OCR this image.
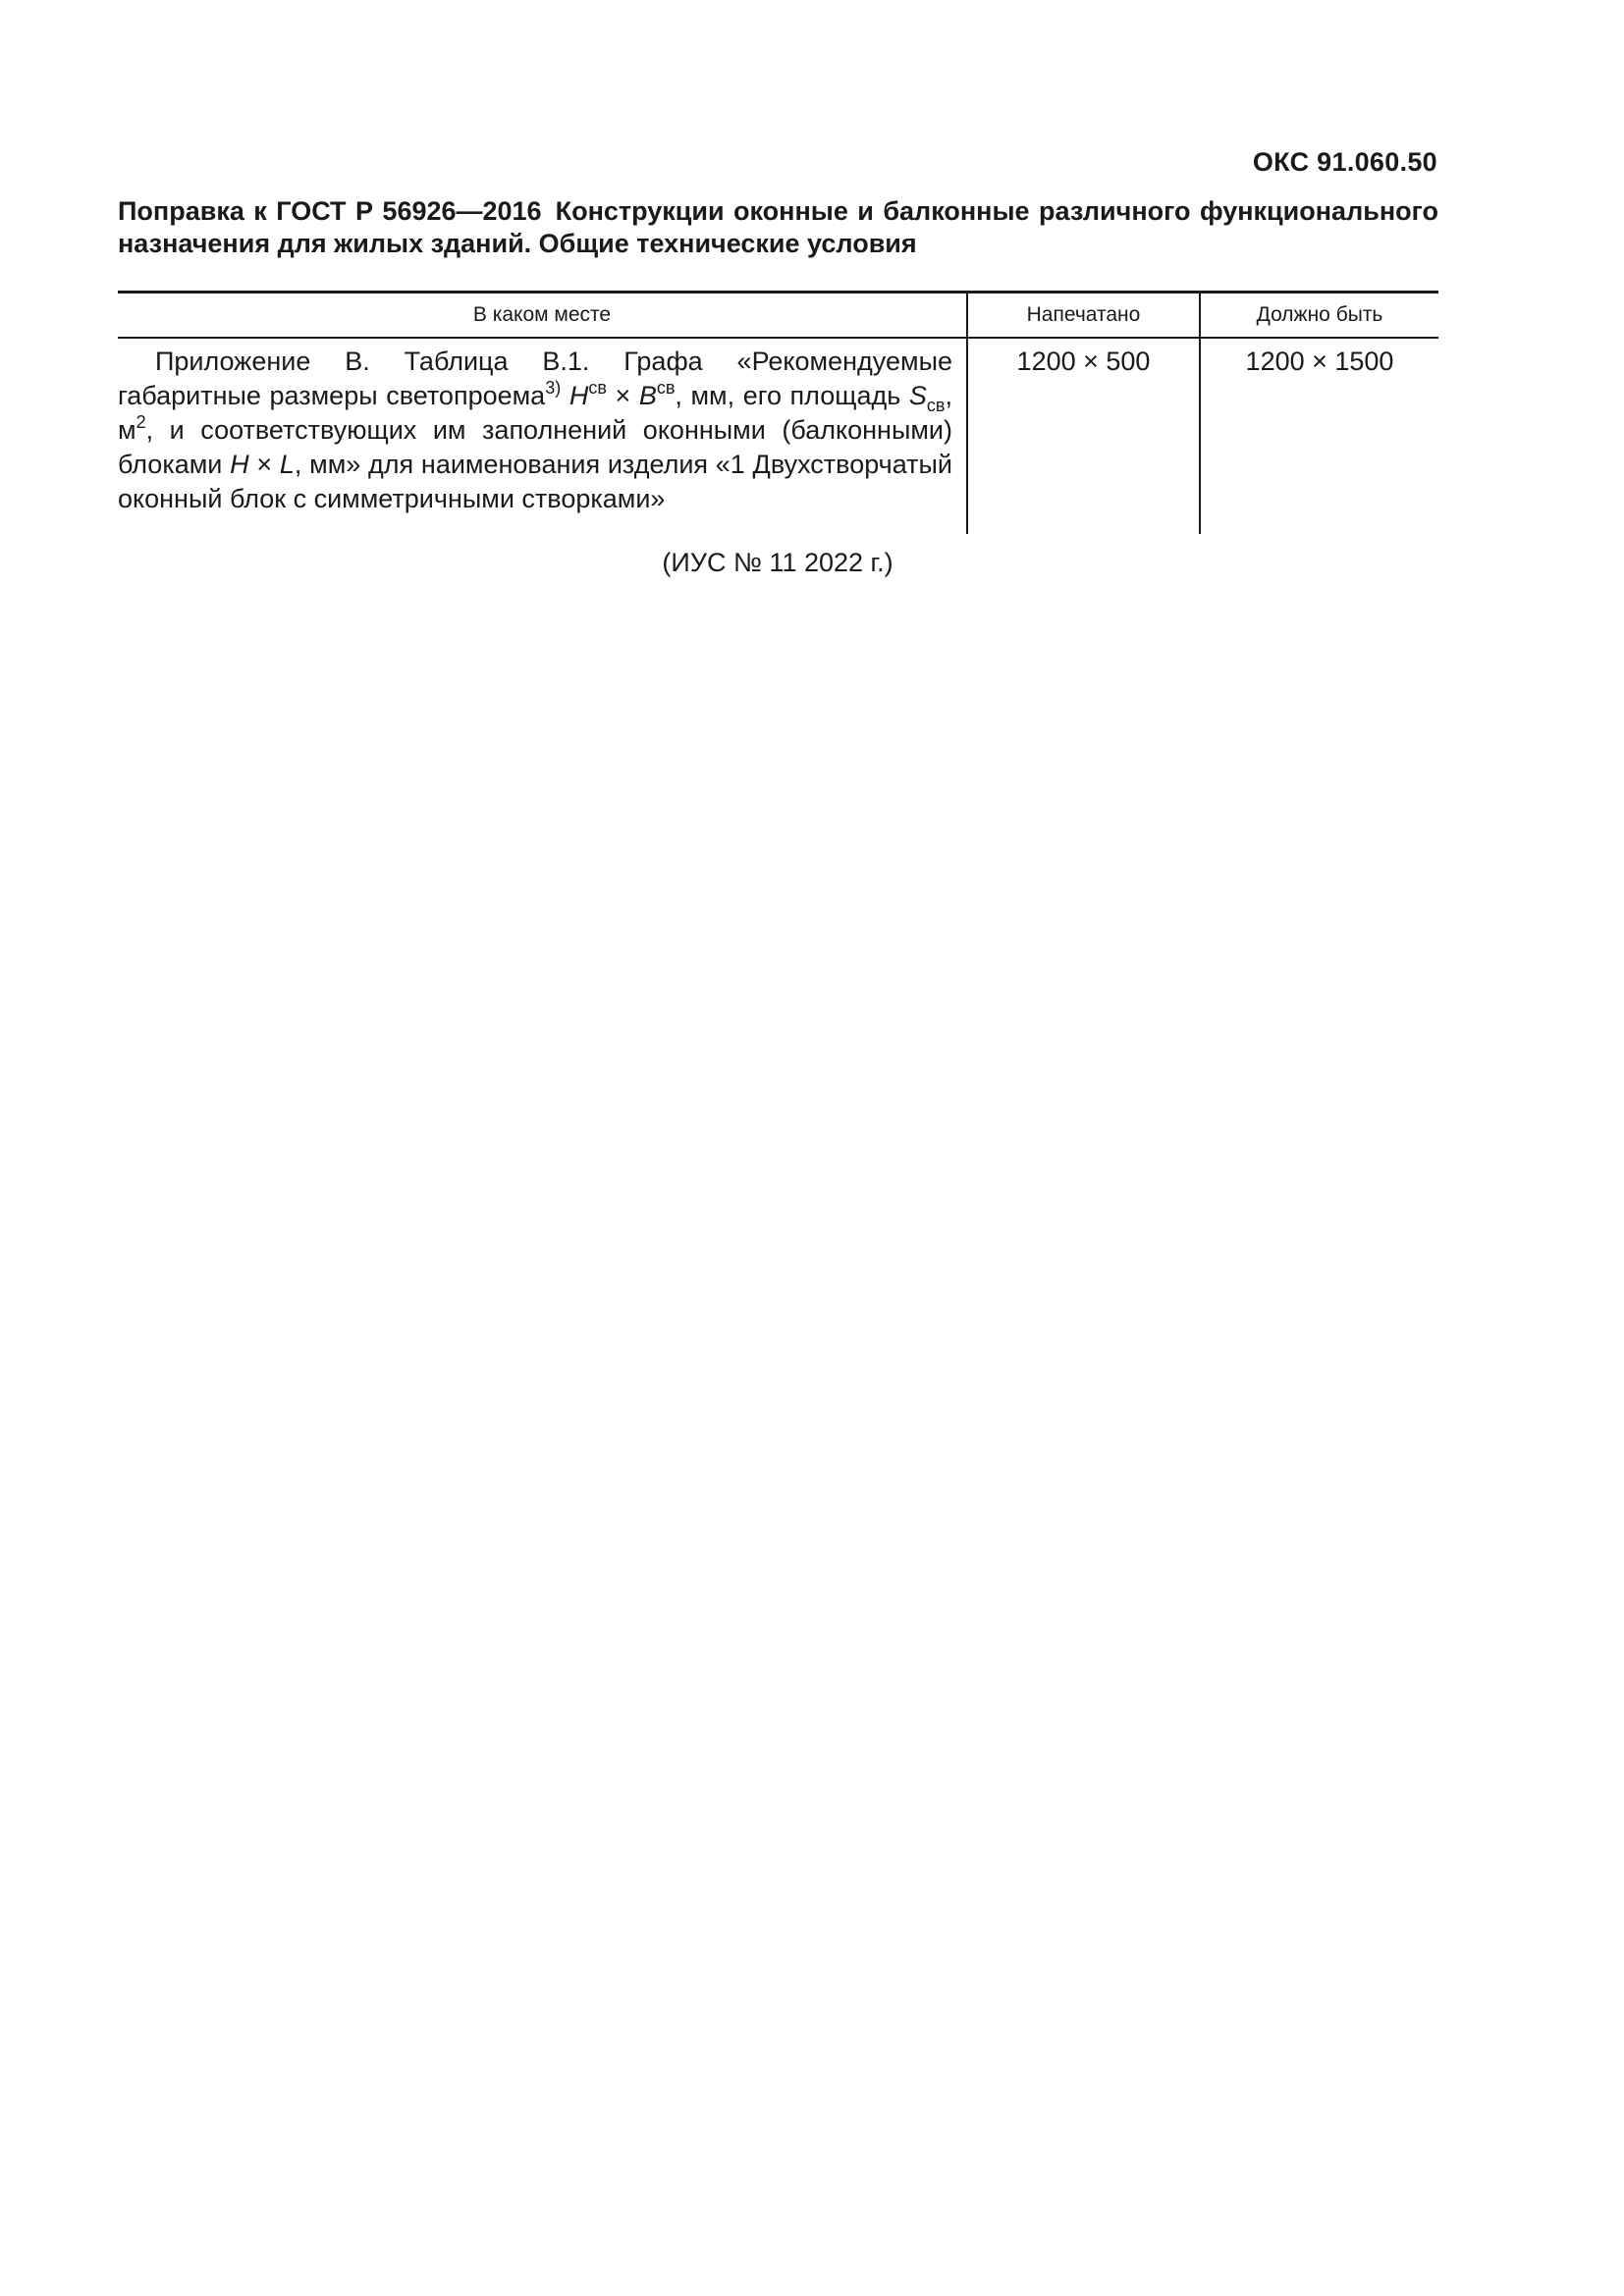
ОКС 91.060.50
Поправка к ГОСТ Р 56926—2016 Конструкции оконные и балконные различного функционального назначения для жилых зданий. Общие технические условия
В каком месте	Напечатано	Должно быть
Приложение В. Таблица В.1. Графа «Рекомендуемые габаритные размеры светопроема$^{3)}$ $H^{св} \times B^{св}$, мм, его площадь $S_{св}$, $м^2$, и соответствующих им заполнений оконными (балконными) блоками H × L, мм» для наименования изделия «1 Двухстворчатый оконный блок с симметричными створками»	1200 × 500	1200 × 1500
(ИУС № 11 2022 г.)
